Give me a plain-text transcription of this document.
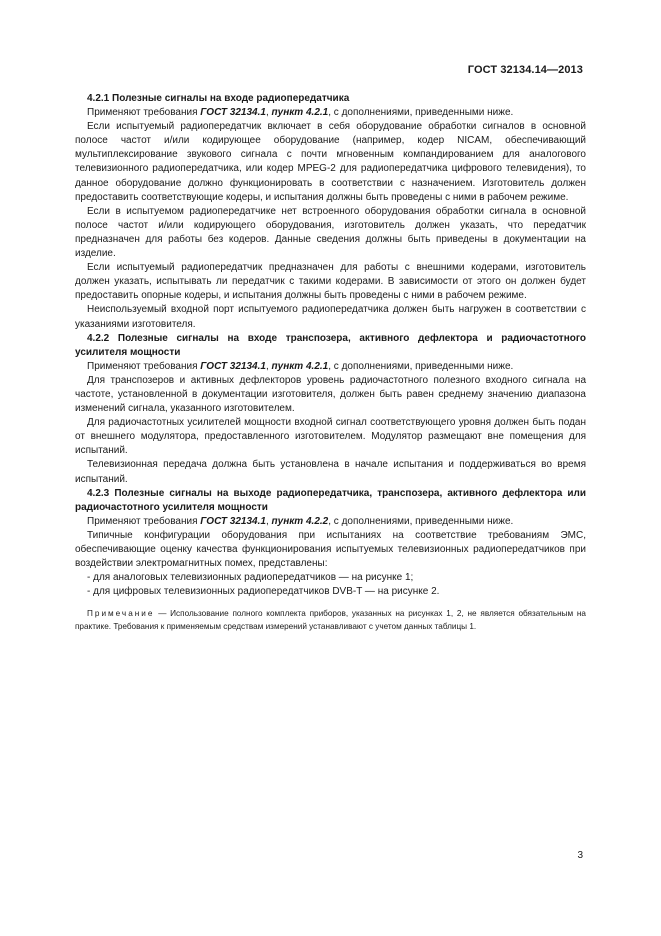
ГОСТ 32134.14—2013

4.2.1 Полезные сигналы на входе радиопередатчика

Применяют требования ГОСТ 32134.1, пункт 4.2.1, с дополнениями, приведенными ниже.

Если испытуемый радиопередатчик включает в себя оборудование обработки сигналов в основной полосе частот и/или кодирующее оборудование (например, кодер NICAM, обеспечивающий мультиплексирование звукового сигнала с почти мгновенным компандированием для аналогового телевизионного радиопередатчика, или кодер MPEG-2 для радиопередатчика цифрового телевидения), то данное оборудование должно функционировать в соответствии с назначением. Изготовитель должен предоставить соответствующие кодеры, и испытания должны быть проведены с ними в рабочем режиме.

Если в испытуемом радиопередатчике нет встроенного оборудования обработки сигнала в основной полосе частот и/или кодирующего оборудования, изготовитель должен указать, что передатчик предназначен для работы без кодеров. Данные сведения должны быть приведены в документации на изделие.

Если испытуемый радиопередатчик предназначен для работы с внешними кодерами, изготовитель должен указать, испытывать ли передатчик с такими кодерами. В зависимости от этого он должен будет предоставить опорные кодеры, и испытания должны быть проведены с ними в рабочем режиме.

Неиспользуемый входной порт испытуемого радиопередатчика должен быть нагружен в соответствии с указаниями изготовителя.

4.2.2 Полезные сигналы на входе транспозера, активного дефлектора и радиочастотного усилителя мощности

Применяют требования ГОСТ 32134.1, пункт 4.2.1, с дополнениями, приведенными ниже.

Для транспозеров и активных дефлекторов уровень радиочастотного полезного входного сигнала на частоте, установленной в документации изготовителя, должен быть равен среднему значению диапазона изменений сигнала, указанного изготовителем.

Для радиочастотных усилителей мощности входной сигнал соответствующего уровня должен быть подан от внешнего модулятора, предоставленного изготовителем. Модулятор размещают вне помещения для испытаний.

Телевизионная передача должна быть установлена в начале испытания и поддерживаться во время испытаний.

4.2.3 Полезные сигналы на выходе радиопередатчика, транспозера, активного дефлектора или радиочастотного усилителя мощности

Применяют требования ГОСТ 32134.1, пункт 4.2.2, с дополнениями, приведенными ниже.

Типичные конфигурации оборудования при испытаниях на соответствие требованиям ЭМС, обеспечивающие оценку качества функционирования испытуемых телевизионных радиопередатчиков при воздействии электромагнитных помех, представлены:

- для аналоговых телевизионных радиопередатчиков — на рисунке 1;
- для цифровых телевизионных радиопередатчиков DVB-T — на рисунке 2.

Примечание — Использование полного комплекта приборов, указанных на рисунках 1, 2, не является обязательным на практике. Требования к применяемым средствам измерений устанавливают с учетом данных таблицы 1.

3
